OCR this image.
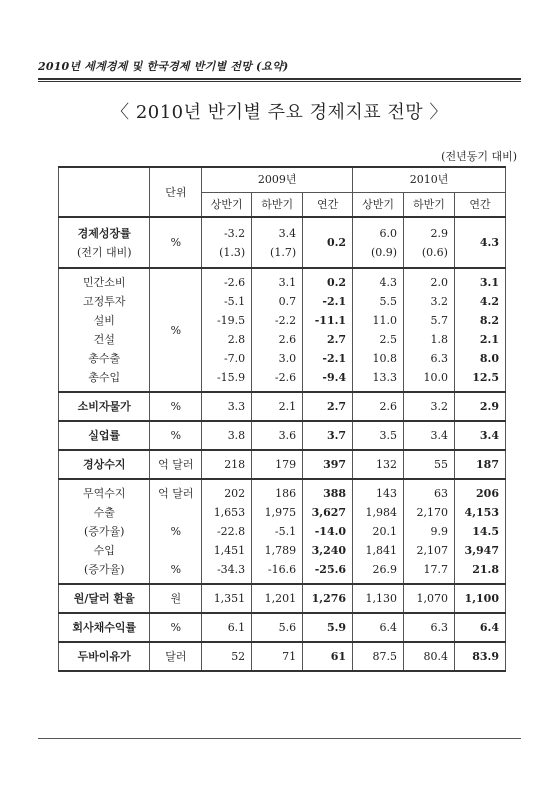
2010년 세계경제 및 한국경제 반기별 전망 (요약)
〈 2010년 반기별 주요 경제지표 전망 〉
(전년동기 대비)
	단위	2009년			2010년		
		상반기	하반기	연간	상반기	하반기	연간
경제성장률	%	-3.2	3.4	0.2	6.0	2.9	4.3
(전기 대비)		(1.3)	(1.7)		(0.9)	(0.6)	
민간소비	%	-2.6	3.1	0.2	4.3	2.0	3.1
고정투자		-5.1	0.7	-2.1	5.5	3.2	4.2
설비		-19.5	-2.2	-11.1	11.0	5.7	8.2
건설		2.8	2.6	2.7	2.5	1.8	2.1
총수출		-7.0	3.0	-2.1	10.8	6.3	8.0
총수입		-15.9	-2.6	-9.4	13.3	10.0	12.5
소비자물가	%	3.3	2.1	2.7	2.6	3.2	2.9
실업률	%	3.8	3.6	3.7	3.5	3.4	3.4
경상수지	억 달러	218	179	397	132	55	187
무역수지	억 달러	202	186	388	143	63	206
수출		1,653	1,975	3,627	1,984	2,170	4,153
(증가율)	%	-22.8	-5.1	-14.0	20.1	9.9	14.5
수입		1,451	1,789	3,240	1,841	2,107	3,947
(증가율)	%	-34.3	-16.6	-25.6	26.9	17.7	21.8
원/달러 환율	원	1,351	1,201	1,276	1,130	1,070	1,100
회사채수익률	%	6.1	5.6	5.9	6.4	6.3	6.4
두바이유가	달러	52	71	61	87.5	80.4	83.9
